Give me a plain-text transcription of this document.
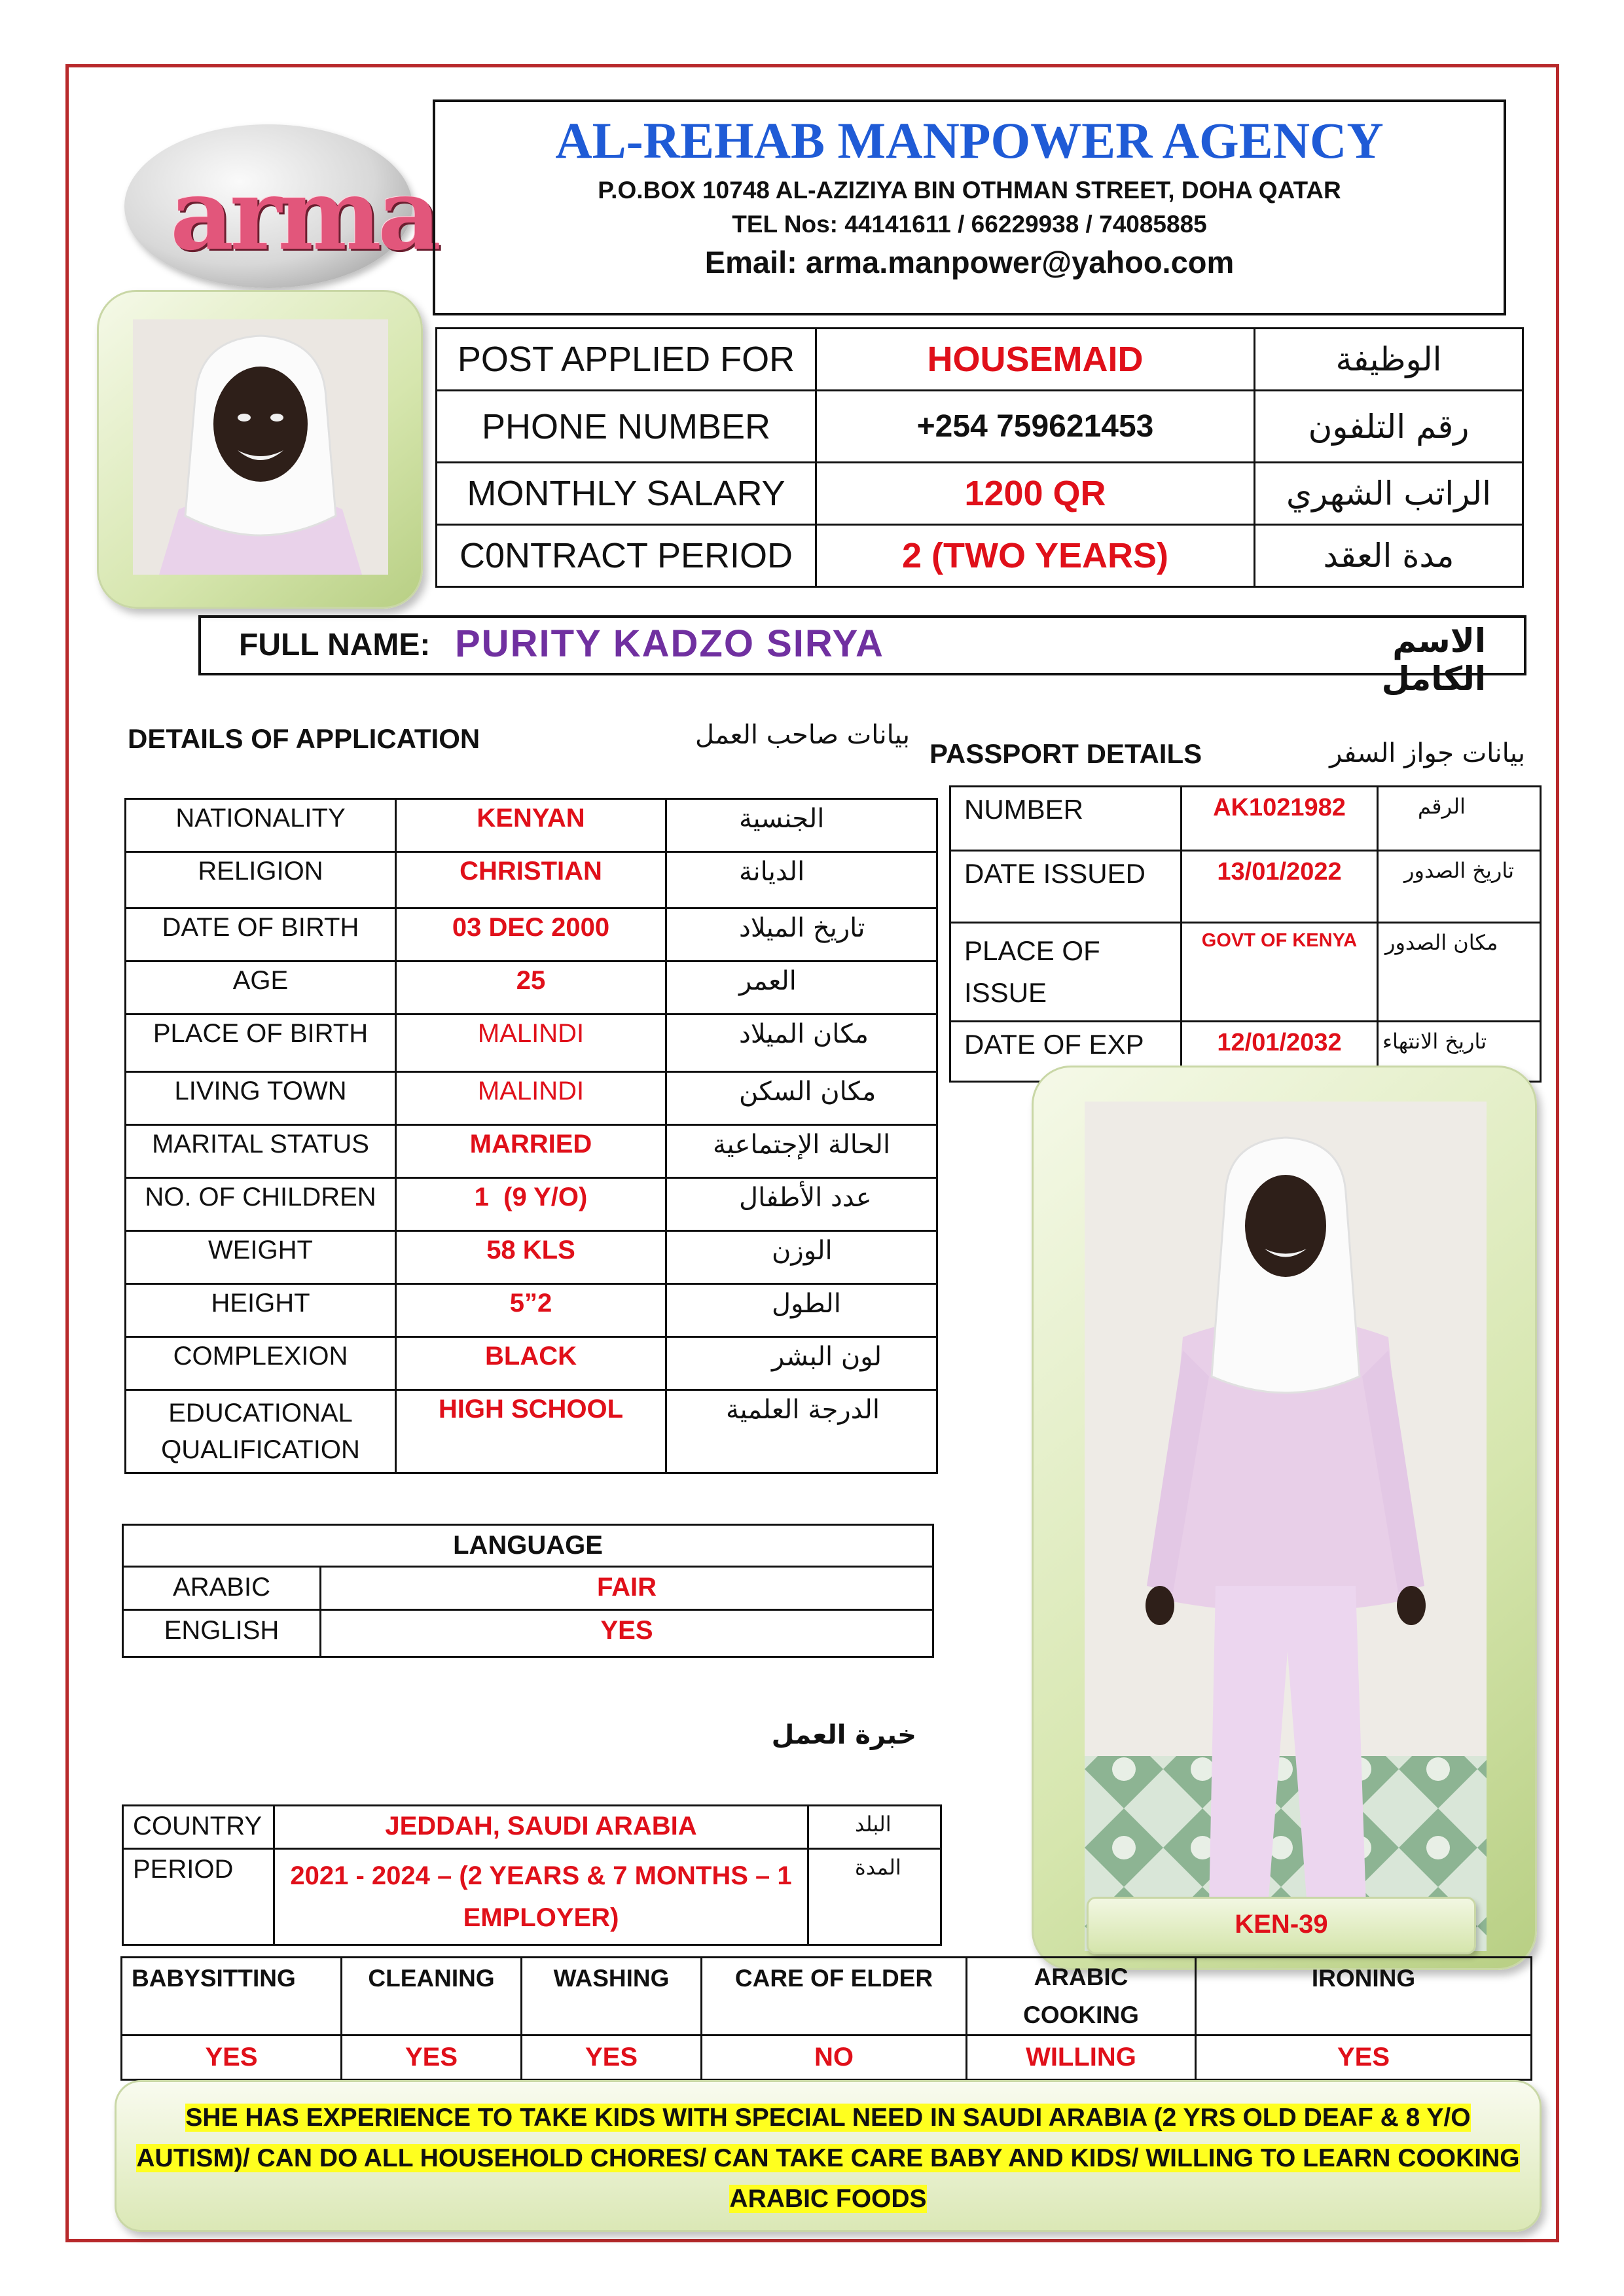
arma
AL-REHAB MANPOWER AGENCY
P.O.BOX 10748 AL-AZIZIYA BIN OTHMAN STREET, DOHA QATAR
TEL Nos: 44141611 / 66229938 / 74085885
Email: arma.manpower@yahoo.com
POST APPLIED FOR	HOUSEMAID	الوظيفة
PHONE NUMBER	+254 759621453	رقم التلفون
MONTHLY SALARY	1200 QR	الراتب الشهري
C0NTRACT PERIOD	2 (TWO YEARS)	مدة العقد
FULL NAME: PURITY KADZO SIRYA	الاسم الكامل
DETAILS OF APPLICATION	بيانات صاحب العمل
NATIONALITY	KENYAN	الجنسية
RELIGION	CHRISTIAN	الديانة
DATE OF BIRTH	03 DEC 2000	تاريخ الميلاد
AGE	25	العمر
PLACE OF BIRTH	MALINDI	مكان الميلاد
LIVING TOWN	MALINDI	مكان السكن
MARITAL STATUS	MARRIED	الحالة الإجتماعية
NO. OF CHILDREN	1  (9 Y/O)	عدد الأطفال
WEIGHT	58 KLS	الوزن
HEIGHT	5”2	الطول
COMPLEXION	BLACK	لون البشر
EDUCATIONAL QUALIFICATION	HIGH SCHOOL	الدرجة العلمية
PASSPORT DETAILS	بيانات جواز السفر
NUMBER	AK1021982	الرقم
DATE ISSUED	13/01/2022	تاريخ الصدور
PLACE OF ISSUE	GOVT OF KENYA	مكان الصدور
DATE OF EXP	12/01/2032	تاريخ الانتهاء
KEN-39
LANGUAGE	
ARABIC	FAIR
ENGLISH	YES
خبرة العمل
COUNTRY	JEDDAH, SAUDI ARABIA	البلد
PERIOD	2021 - 2024 – (2 YEARS & 7 MONTHS – 1 EMPLOYER)	المدة
BABYSITTING	CLEANING	WASHING	CARE OF ELDER	ARABIC COOKING	IRONING
YES	YES	YES	NO	WILLING	YES
SHE HAS EXPERIENCE TO TAKE KIDS WITH SPECIAL NEED IN SAUDI ARABIA (2 YRS OLD DEAF & 8 Y/O AUTISM)/ CAN DO ALL HOUSEHOLD CHORES/ CAN TAKE CARE BABY AND KIDS/ WILLING TO LEARN COOKING ARABIC FOODS
